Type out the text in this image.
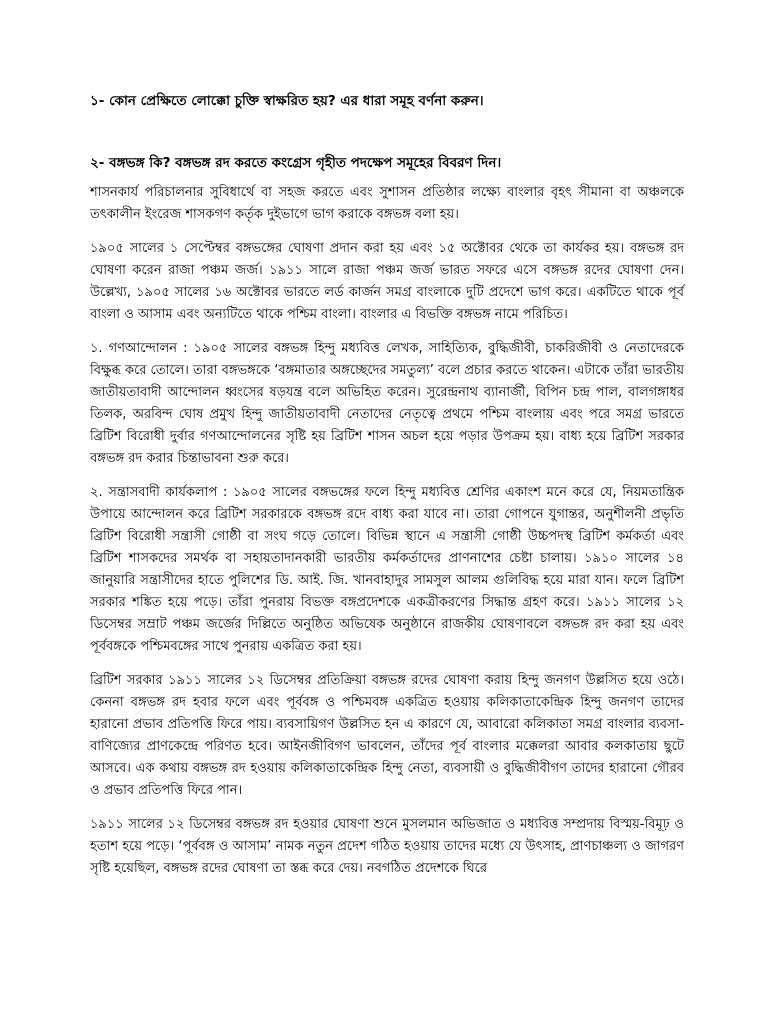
১- কোন প্রেক্ষিতে লোক্কো চুক্তি স্বাক্ষরিত হয়? এর ধারা সমূহ বর্ণনা করুন।

২- বঙ্গভঙ্গ কি? বঙ্গভঙ্গ রদ করতে কংগ্রেস গৃহীত পদক্ষেপ সমূহের বিবরণ দিন।

শাসনকার্য পরিচালনার সুবিধার্থে বা সহজ করতে এবং সুশাসন প্রতিষ্ঠার লক্ষ্যে বাংলার বৃহৎ সীমানা বা অঞ্চলকে তৎকালীন ইংরেজ শাসকগণ কর্তৃক দুইভাগে ভাগ করাকে বঙ্গভঙ্গ বলা হয়।

১৯০৫ সালের ১ সেপ্টেম্বর বঙ্গভঙ্গের ঘোষণা প্রদান করা হয় এবং ১৫ অক্টোবর থেকে তা কার্যকর হয়। বঙ্গভঙ্গ রদ ঘোষণা করেন রাজা পঞ্চম জর্জ। ১৯১১ সালে রাজা পঞ্চম জর্জ ভারত সফরে এসে বঙ্গভঙ্গ রদের ঘোষণা দেন। উল্লেখ্য, ১৯০৫ সালের ১৬ অক্টোবর ভারতে লর্ড কার্জন সমগ্র বাংলাকে দুটি প্রদেশে ভাগ করে। একটিতে থাকে পূর্ব বাংলা ও আসাম এবং অন্যটিতে থাকে পশ্চিম বাংলা। বাংলার এ বিভক্তি বঙ্গভঙ্গ নামে পরিচিত।

১. গণআন্দোলন : ১৯০৫ সালের বঙ্গভঙ্গ হিন্দু মধ্যবিত্ত লেখক, সাহিত্যিক, বুদ্ধিজীবী, চাকরিজীবী ও নেতাদেরকে বিক্ষুব্ধ করে তোলে। তারা বঙ্গভঙ্গকে ‘বঙ্গমাতার অঙ্গচ্ছেদের সমতুল্য’ বলে প্রচার করতে থাকেন। এটাকে তাঁরা ভারতীয় জাতীয়তাবাদী আন্দোলন ধ্বংসের ষড়যন্ত্র বলে অভিহিত করেন। সুরেন্দ্রনাথ ব্যানার্জী, বিপিন চন্দ্র পাল, বালগঙ্গাধর তিলক, অরবিন্দ ঘোষ প্রমুখ হিন্দু জাতীয়তাবাদী নেতাদের নেতৃত্বে প্রথমে পশ্চিম বাংলায় এবং পরে সমগ্র ভারতে ব্রিটিশ বিরোধী দুর্বার গণআন্দোলনের সৃষ্টি হয় ব্রিটিশ শাসন অচল হয়ে পড়ার উপক্রম হয়। বাধ্য হয়ে ব্রিটিশ সরকার বঙ্গভঙ্গ রদ করার চিন্তাভাবনা শুরু করে।

২. সন্ত্রাসবাদী কার্যকলাপ : ১৯০৫ সালের বঙ্গভঙ্গের ফলে হিন্দু মধ্যবিত্ত শ্রেণির একাংশ মনে করে যে, নিয়মতান্ত্রিক উপায়ে আন্দোলন করে ব্রিটিশ সরকারকে বঙ্গভঙ্গ রদে বাধ্য করা যাবে না। তারা গোপনে যুগান্তর, অনুশীলনী প্রভৃতি ব্রিটিশ বিরোধী সন্ত্রাসী গোষ্ঠী বা সংঘ গড়ে তোলে। বিভিন্ন স্থানে এ সন্ত্রাসী গোষ্ঠী উচ্চপদস্থ ব্রিটিশ কর্মকর্তা এবং ব্রিটিশ শাসকদের সমর্থক বা সহায়তাদানকারী ভারতীয় কর্মকর্তাদের প্রাণনাশের চেষ্টা চালায়। ১৯১০ সালের ১৪ জানুয়ারি সন্ত্রাসীদের হাতে পুলিশের ডি. আই. জি. খানবাহাদুর সামসুল আলম গুলিবিদ্ধ হয়ে মারা যান। ফলে ব্রিটিশ সরকার শঙ্কিত হয়ে পড়ে। তাঁরা পুনরায় বিভক্ত বঙ্গপ্রদেশকে একত্রীকরণের সিদ্ধান্ত গ্রহণ করে। ১৯১১ সালের ১২ ডিসেম্বর সম্রাট পঞ্চম জর্জের দিল্লিতে অনুষ্ঠিত অভিষেক অনুষ্ঠানে রাজকীয় ঘোষণাবলে বঙ্গভঙ্গ রদ করা হয় এবং পূর্ববঙ্গকে পশ্চিমবঙ্গের সাথে পুনরায় একত্রিত করা হয়।

ব্রিটিশ সরকার ১৯১১ সালের ১২ ডিসেম্বর প্রতিক্রিয়া বঙ্গভঙ্গ রদের ঘোষণা করায় হিন্দু জনগণ উল্লসিত হয়ে ওঠে। কেননা বঙ্গভঙ্গ রদ হবার ফলে এবং পূর্ববঙ্গ ও পশ্চিমবঙ্গ একত্রিত হওয়ায় কলিকাতাকেন্দ্রিক হিন্দু জনগণ তাদের হারানো প্রভাব প্রতিপত্তি ফিরে পায়। ব্যবসায়িগণ উল্লসিত হন এ কারণে যে, আবারো কলিকাতা সমগ্র বাংলার ব্যবসা-বাণিজ্যের প্রাণকেন্দ্রে পরিণত হবে। আইনজীবিগণ ভাবলেন, তাঁদের পূর্ব বাংলার মক্কেলরা আবার কলকাতায় ছুটে আসবে। এক কথায় বঙ্গভঙ্গ রদ হওয়ায় কলিকাতাকেন্দ্রিক হিন্দু নেতা, ব্যবসায়ী ও বুদ্ধিজীবীগণ তাদের হারানো গৌরব ও প্রভাব প্রতিপত্তি ফিরে পান।

১৯১১ সালের ১২ ডিসেম্বর বঙ্গভঙ্গ রদ হওয়ার ঘোষণা শুনে মুসলমান অভিজাত ও মধ্যবিত্ত সম্প্রদায় বিস্ময়-বিমূঢ় ও হতাশ হয়ে পড়ে। ‘পূর্ববঙ্গ ও আসাম’ নামক নতুন প্রদেশ গঠিত হওয়ায় তাদের মধ্যে যে উৎসাহ, প্রাণচাঞ্চল্য ও জাগরণ সৃষ্টি হয়েছিল, বঙ্গভঙ্গ রদের ঘোষণা তা স্তব্ধ করে দেয়। নবগঠিত প্রদেশকে ঘিরে
